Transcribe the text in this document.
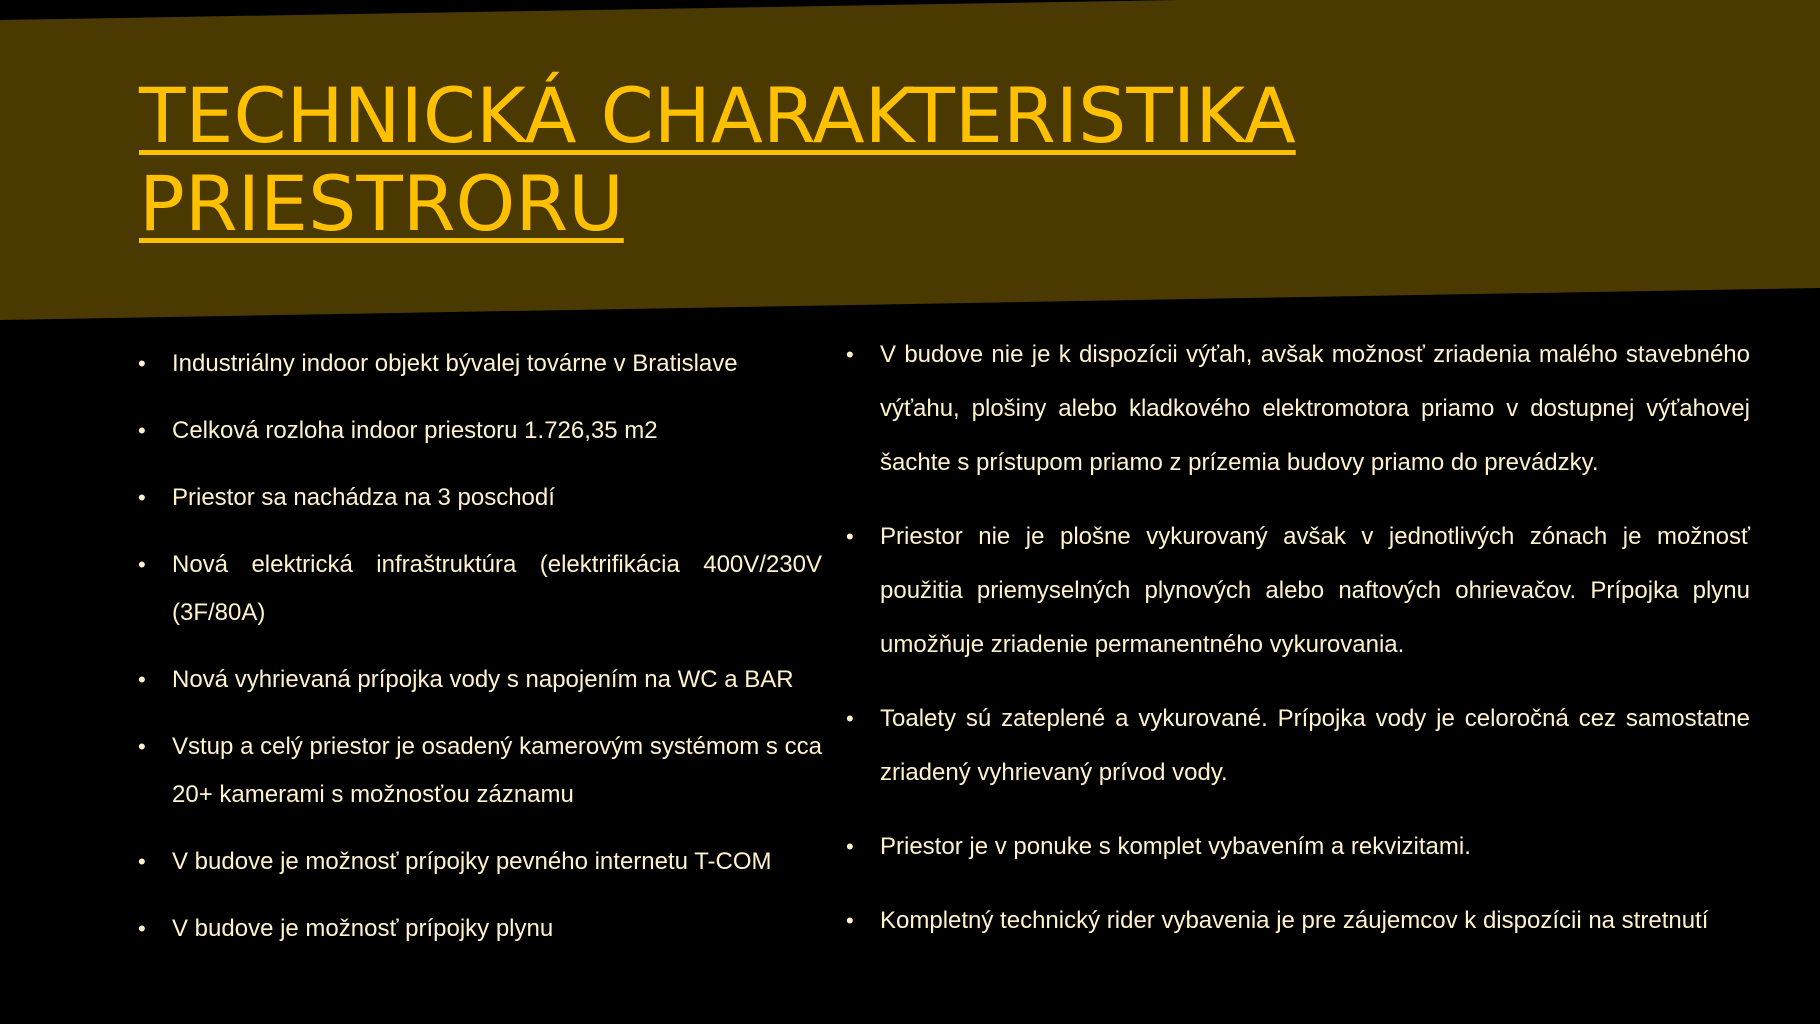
TECHNICKÁ CHARAKTERISTIKA
PRIESTRORU
• Industriálny indoor objekt bývalej továrne v Bratislave
• Celková rozloha indoor priestoru 1.726,35 m2
• Priestor sa nachádza na 3 poschodí
• Nová elektrická infraštruktúra (elektrifikácia 400V/230V (3F/80A)
• Nová vyhrievaná prípojka vody s napojením na WC a BAR
• Vstup a celý priestor je osadený kamerovým systémom s cca 20+ kamerami s možnosťou záznamu
• V budove je možnosť prípojky pevného internetu T-COM
• V budove je možnosť prípojky plynu
• V budove nie je k dispozícii výťah, avšak možnosť zriadenia malého stavebného výťahu, plošiny alebo kladkového elektromotora priamo v dostupnej výťahovej šachte s prístupom priamo z prízemia budovy priamo do prevádzky.
• Priestor nie je plošne vykurovaný avšak v jednotlivých zónach je možnosť použitia priemyselných plynových alebo naftových ohrievačov. Prípojka plynu umožňuje zriadenie permanentného vykurovania.
• Toalety sú zateplené a vykurované. Prípojka vody je celoročná cez samostatne zriadený vyhrievaný prívod vody.
• Priestor je v ponuke s komplet vybavením a rekvizitami.
• Kompletný technický rider vybavenia je pre záujemcov k dispozícii na stretnutí
